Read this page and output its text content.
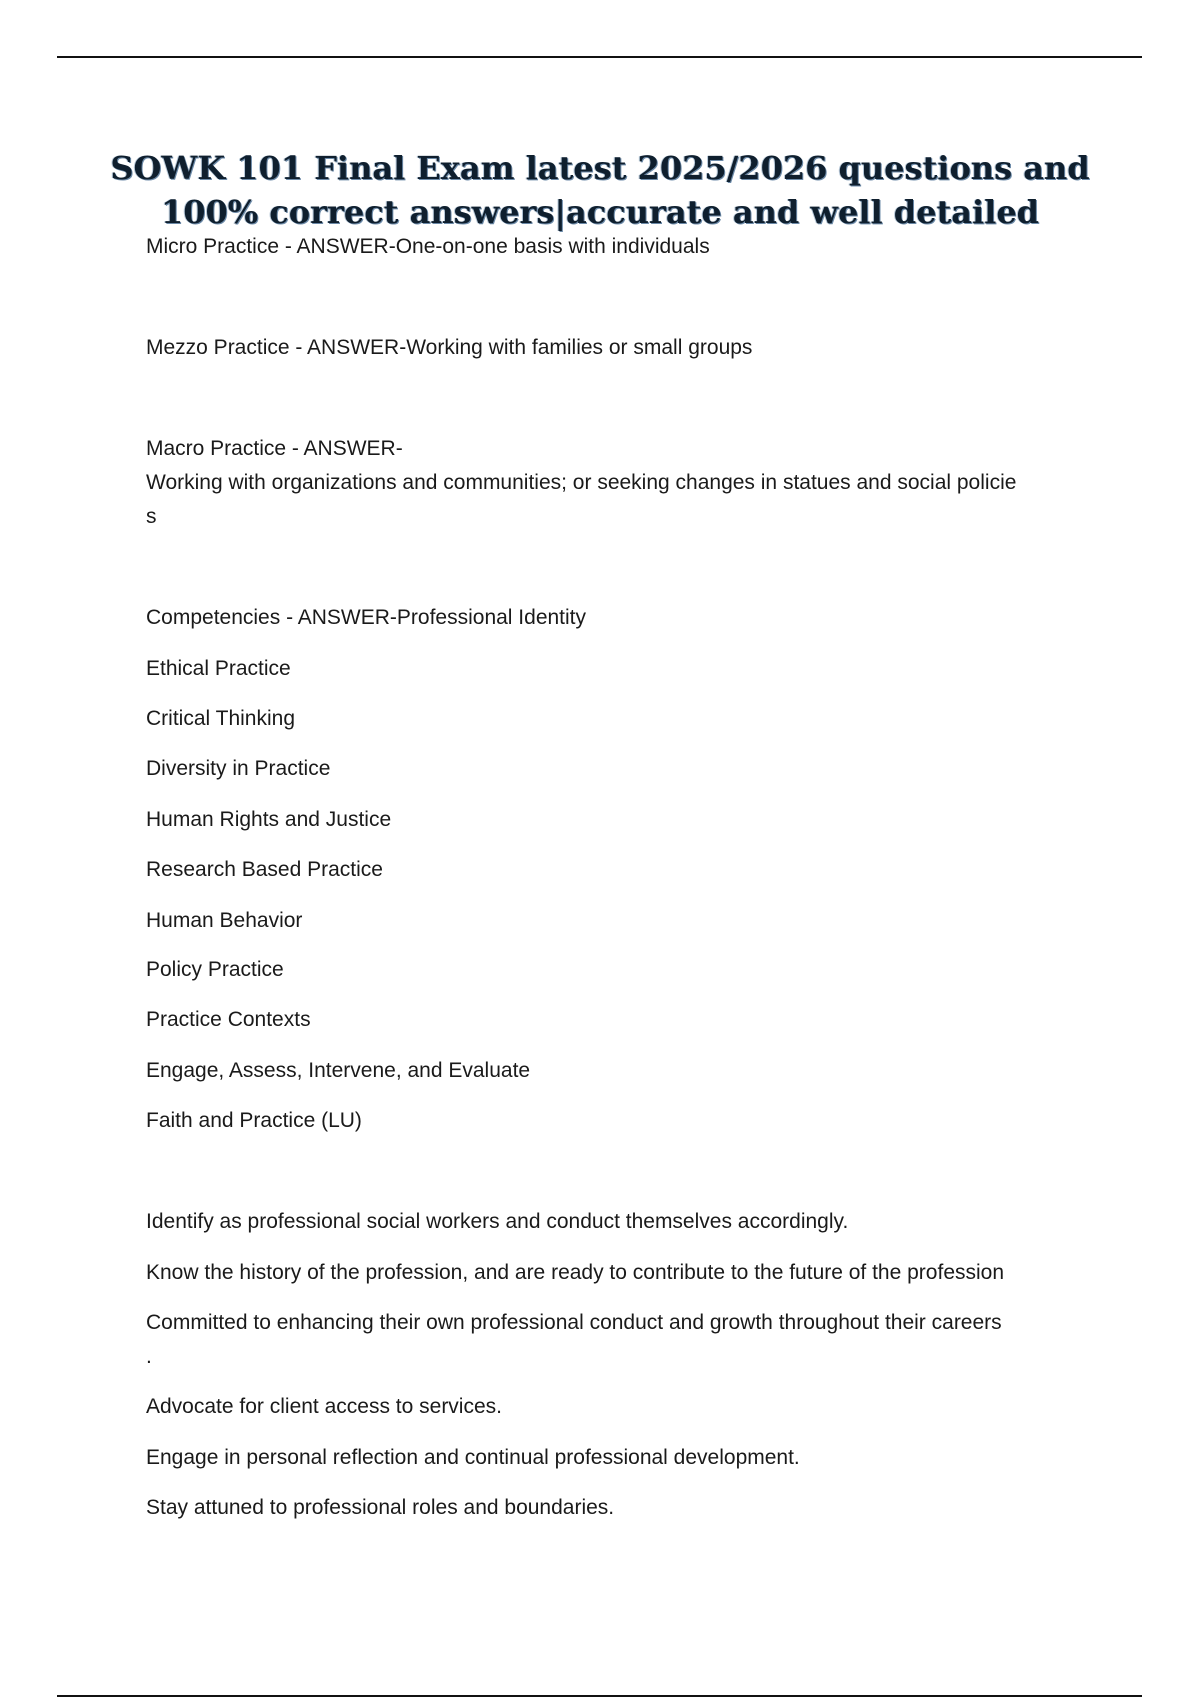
SOWK 101 Final Exam latest 2025/2026 questions and
100% correct answers|accurate and well detailed

Micro Practice - ANSWER-One-on-one basis with individuals

Mezzo Practice - ANSWER-Working with families or small groups

Macro Practice - ANSWER-

Working with organizations and communities; or seeking changes in statues and social policie

s

Competencies - ANSWER-Professional Identity

Ethical Practice

Critical Thinking

Diversity in Practice

Human Rights and Justice

Research Based Practice

Human Behavior

Policy Practice

Practice Contexts

Engage, Assess, Intervene, and Evaluate

Faith and Practice (LU)

Identify as professional social workers and conduct themselves accordingly.

Know the history of the profession, and are ready to contribute to the future of the profession

Committed to enhancing their own professional conduct and growth throughout their careers

.

Advocate for client access to services.

Engage in personal reflection and continual professional development.

Stay attuned to professional roles and boundaries.
